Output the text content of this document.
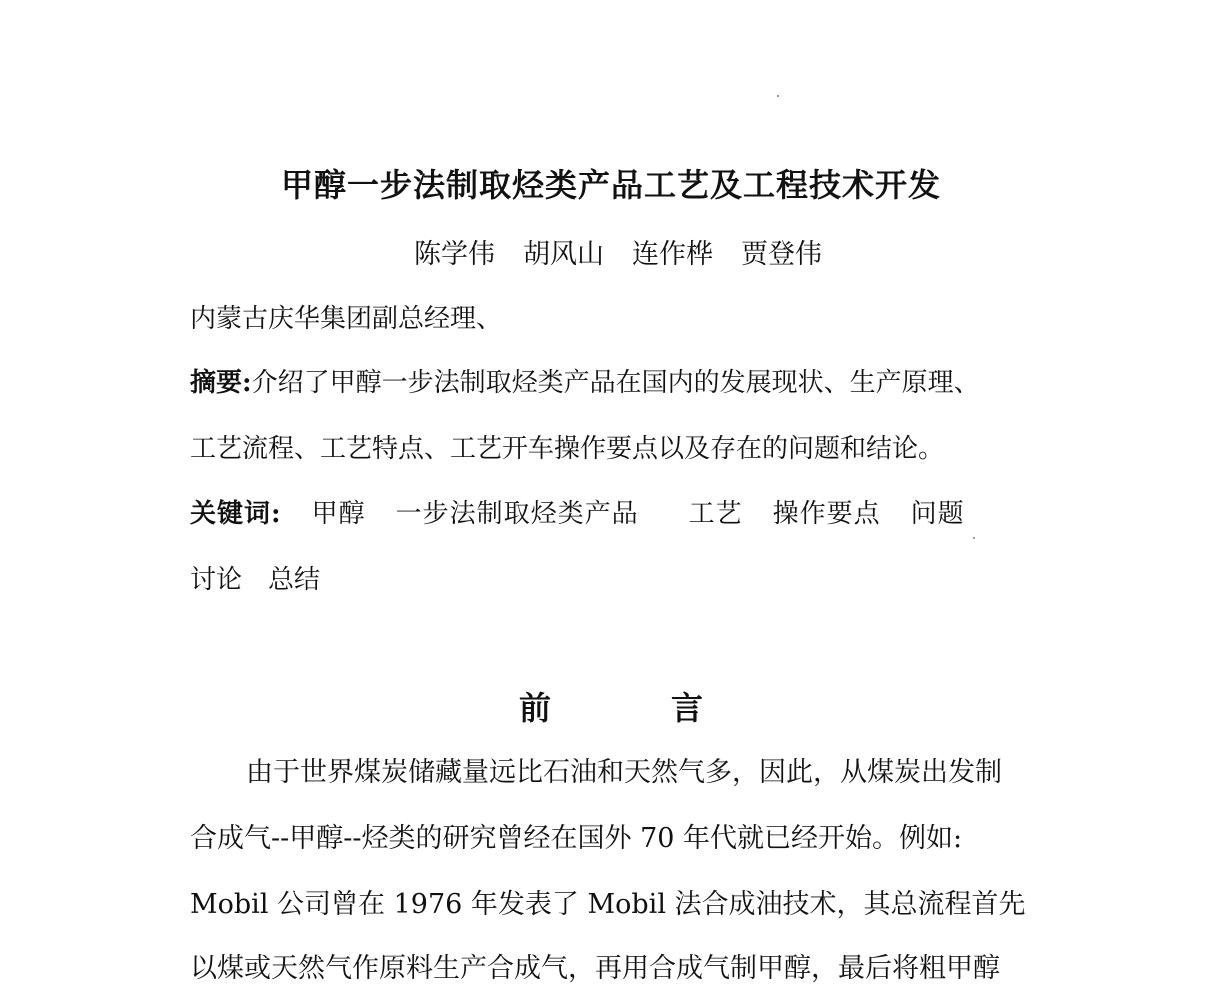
甲醇一步法制取烃类产品工艺及工程技术开发
陈学伟 胡风山 连作桦 贾登伟
内蒙古庆华集团副总经理、
摘要:介绍了甲醇一步法制取烃类产品在国内的发展现状、生产原理、
工艺流程、工艺特点、工艺开车操作要点以及存在的问题和结论。
关键词: 甲醇 一步法制取烃类产品 工艺 操作要点 问题
讨论 总结
前	言
由于世界煤炭储藏量远比石油和天然气多，因此，从煤炭出发制
合成气--甲醇--烃类的研究曾经在国外 70 年代就已经开始。例如:
Mobil 公司曾在 1976 年发表了 Mobil 法合成油技术，其总流程首先
以煤或天然气作原料生产合成气，再用合成气制甲醇，最后将粗甲醇
